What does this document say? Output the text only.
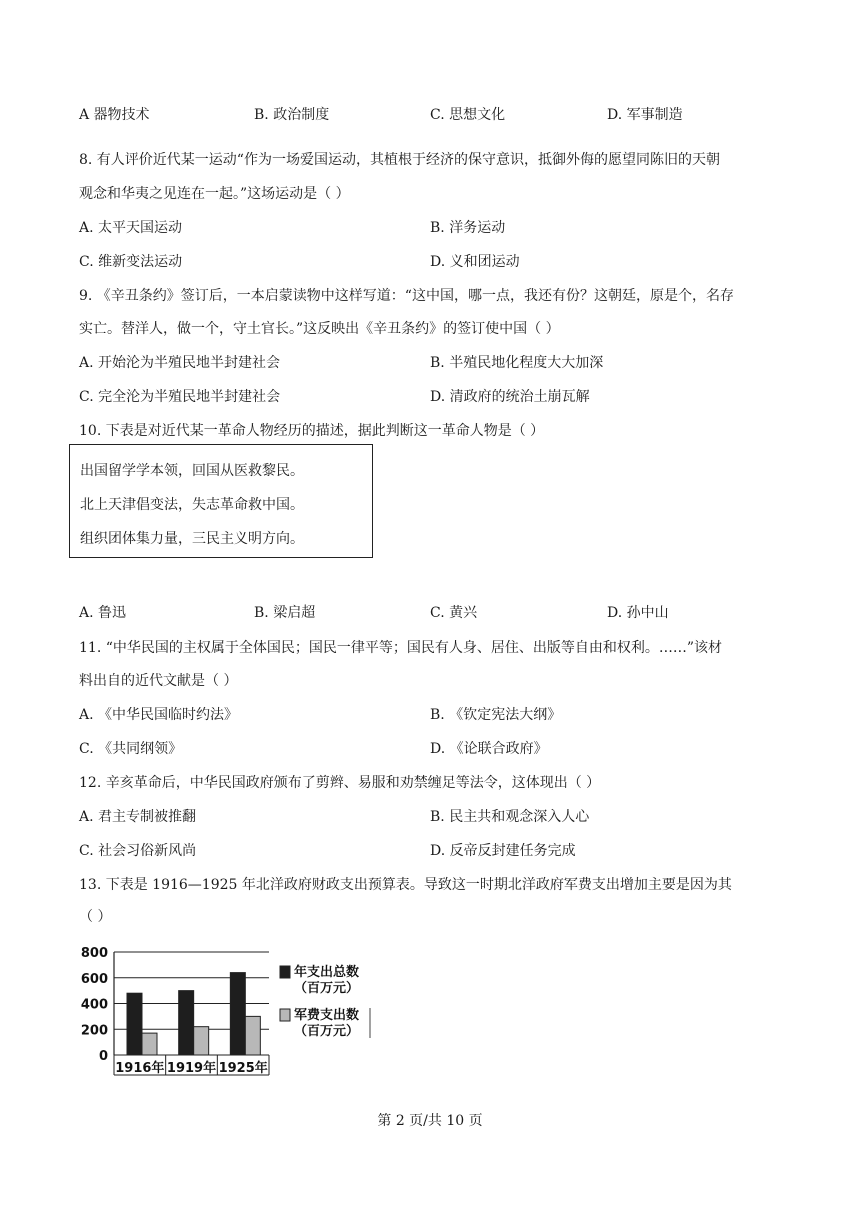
A 器物技术	B. 政治制度	C. 思想文化	D. 军事制造
8. 有人评价近代某一运动“作为一场爱国运动，其植根于经济的保守意识，抵御外侮的愿望同陈旧的天朝
观念和华夷之见连在一起。”这场运动是（ ）
A. 太平天国运动	B. 洋务运动
C. 维新变法运动	D. 义和团运动
9. 《辛丑条约》签订后，一本启蒙读物中这样写道：“这中国，哪一点，我还有份？这朝廷，原是个，名存
实亡。替洋人，做一个，守土官长。”这反映出《辛丑条约》的签订使中国（ ）
A. 开始沦为半殖民地半封建社会	B. 半殖民地化程度大大加深
C. 完全沦为半殖民地半封建社会	D. 清政府的统治土崩瓦解
10. 下表是对近代某一革命人物经历的描述，据此判断这一革命人物是（ ）
出国留学学本领，回国从医救黎民。
北上天津倡变法，失志革命救中国。
组织团体集力量，三民主义明方向。
A. 鲁迅	B. 梁启超	C. 黄兴	D. 孙中山
11. “中华民国的主权属于全体国民；国民一律平等；国民有人身、居住、出版等自由和权利。……”该材
料出自的近代文献是（ ）
A. 《中华民国临时约法》	B. 《钦定宪法大纲》
C. 《共同纲领》	D. 《论联合政府》
12. 辛亥革命后，中华民国政府颁布了剪辫、易服和劝禁缠足等法令，这体现出（ ）
A. 君主专制被推翻	B. 民主共和观念深入人心
C. 社会习俗新风尚	D. 反帝反封建任务完成
13. 下表是 1916—1925 年北洋政府财政支出预算表。导致这一时期北洋政府军费支出增加主要是因为其
（ ）
0
200
400
600
800
1916年 1919年 1925年
年支出总数
（百万元）
军费支出数
（百万元）
第 2 页/共 10 页
